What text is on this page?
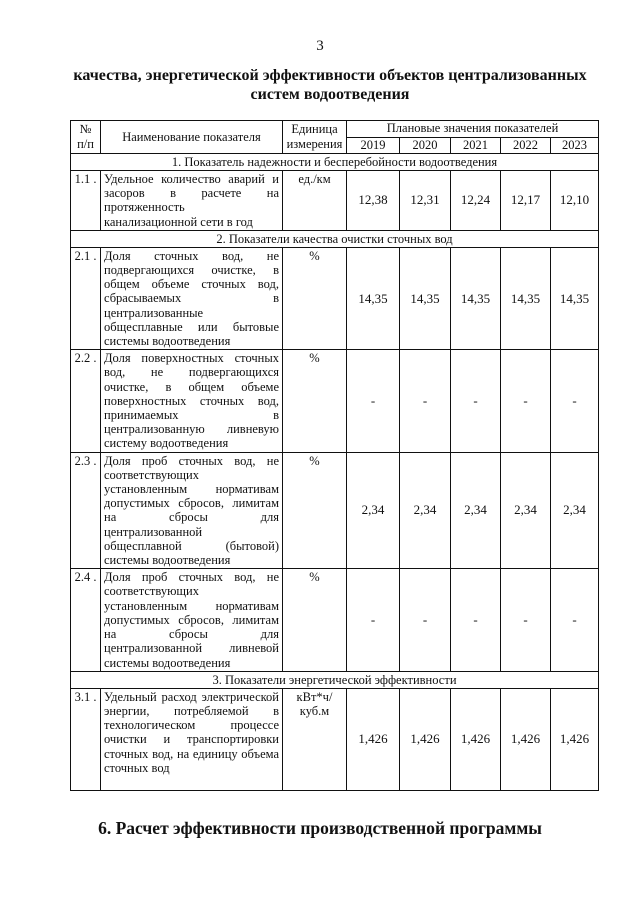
3
качества, энергетической эффективности объектов централизованных
систем водоотведения
№ п/п	Наименование показателя	Единица измерения	Плановые значения показателей				
			2019	2020	2021	2022	2023
1. Показатель надежности и бесперебойности водоотведения							
1.1 .	Удельное количество аварий и засоров в расчете на протяженность канализационной сети в год	ед./км	12,38	12,31	12,24	12,17	12,10
2. Показатели качества очистки сточных вод							
2.1 .	Доля сточных вод, не подвергающихся очистке, в общем объеме сточных вод, сбрасываемых в централизованные общесплавные или бытовые системы водоотведения	%	14,35	14,35	14,35	14,35	14,35
2.2 .	Доля поверхностных сточных вод, не подвергающихся очистке, в общем объеме поверхностных сточных вод, принимаемых в централизованную ливневую систему водоотведения	%	-	-	-	-	-
2.3 .	Доля проб сточных вод, не соответствующих установленным нормативам допустимых сбросов, лимитам на сбросы для централизованной общесплавной (бытовой) системы водоотведения	%	2,34	2,34	2,34	2,34	2,34
2.4 .	Доля проб сточных вод, не соответствующих установленным нормативам допустимых сбросов, лимитам на сбросы для централизованной ливневой системы водоотведения	%	-	-	-	-	-
3. Показатели энергетической эффективности							
3.1 .	Удельный расход электрической энергии, потребляемой в технологическом процессе очистки и транспортировки сточных вод, на единицу объема сточных вод	кВт*ч/ куб.м	1,426	1,426	1,426	1,426	1,426
6. Расчет эффективности производственной программы
